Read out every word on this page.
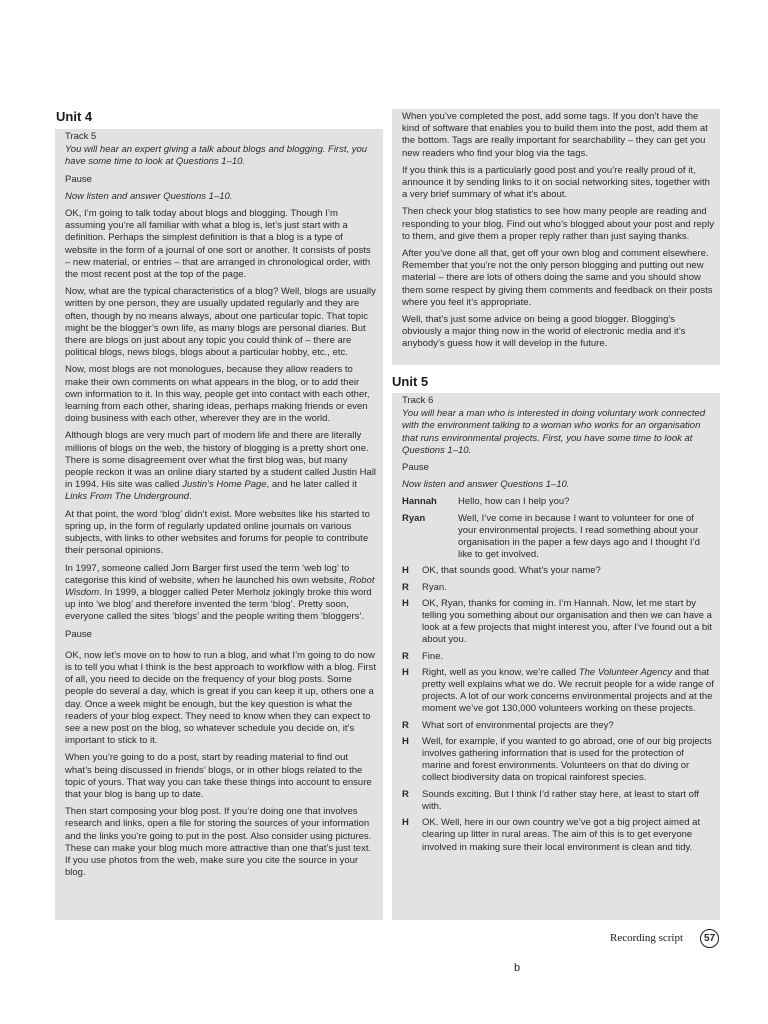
Unit 4

Track 5

You will hear an expert giving a talk about blogs and blogging. First, you have some time to look at Questions 1–10.

Pause

Now listen and answer Questions 1–10.

OK, I’m going to talk today about blogs and blogging. Though I’m assuming you’re all familiar with what a blog is, let’s just start with a definition. Perhaps the simplest definition is that a blog is a type of website in the form of a journal of one sort or another. It consists of posts – new material, or entries – that are arranged in chronological order, with the most recent post at the top of the page.

Now, what are the typical characteristics of a blog? Well, blogs are usually written by one person, they are usually updated regularly and they are often, though by no means always, about one particular topic. That topic might be the blogger’s own life, as many blogs are personal diaries. But there are blogs on just about any topic you could think of – there are political blogs, news blogs, blogs about a particular hobby, etc., etc.

Now, most blogs are not monologues, because they allow readers to make their own comments on what appears in the blog, or to add their own information to it. In this way, people get into contact with each other, learning from each other, sharing ideas, perhaps making friends or even doing business with each other, wherever they are in the world.

Although blogs are very much part of modern life and there are literally millions of blogs on the web, the history of blogging is a pretty short one. There is some disagreement over what the first blog was, but many people reckon it was an online diary started by a student called Justin Hall in 1994. His site was called Justin’s Home Page, and he later called it Links From The Underground.

At that point, the word ‘blog’ didn’t exist. More websites like his started to spring up, in the form of regularly updated online journals on various subjects, with links to other websites and forums for people to contribute their personal opinions.

In 1997, someone called Jorn Barger first used the term ‘web log’ to categorise this kind of website, when he launched his own website, Robot Wisdom. In 1999, a blogger called Peter Merholz jokingly broke this word up into ‘we blog’ and therefore invented the term ‘blog’. Pretty soon, everyone called the sites ‘blogs’ and the people writing them ‘bloggers’.

Pause

OK, now let’s move on to how to run a blog, and what I’m going to do now is to tell you what I think is the best approach to workflow with a blog. First of all, you need to decide on the frequency of your blog posts. Some people do several a day, which is great if you can keep it up, others one a day. Once a week might be enough, but the key question is what the readers of your blog expect. They need to know when they can expect to see a new post on the blog, so whatever schedule you decide on, it’s important to stick to it.

When you’re going to do a post, start by reading material to find out what’s being discussed in friends’ blogs, or in other blogs related to the topic of yours. That way you can take these things into account to ensure that your blog is bang up to date.

Then start composing your blog post. If you’re doing one that involves research and links, open a file for storing the sources of your information and the links you’re going to put in the post. Also consider using pictures. These can make your blog much more attractive than one that’s just text. If you use photos from the web, make sure you cite the source in your blog.

When you’ve completed the post, add some tags. If you don’t have the kind of software that enables you to build them into the post, add them at the bottom. Tags are really important for searchability – they can get you new readers who find your blog via the tags.

If you think this is a particularly good post and you’re really proud of it, announce it by sending links to it on social networking sites, together with a very brief summary of what it’s about.

Then check your blog statistics to see how many people are reading and responding to your blog. Find out who’s blogged about your post and reply to them, and give them a proper reply rather than just saying thanks.

After you’ve done all that, get off your own blog and comment elsewhere. Remember that you’re not the only person blogging and putting out new material – there are lots of others doing the same and you should show them some respect by giving them comments and feedback on their posts where you feel it’s appropriate.

Well, that’s just some advice on being a good blogger. Blogging’s obviously a major thing now in the world of electronic media and it’s anybody’s guess how it will develop in the future.

Unit 5

Track 6

You will hear a man who is interested in doing voluntary work connected with the environment talking to a woman who works for an organisation that runs environmental projects. First, you have some time to look at Questions 1–10.

Pause

Now listen and answer Questions 1–10.

Hannah	Hello, how can I help you?
Ryan	Well, I’ve come in because I want to volunteer for one of your environmental projects. I read something about your organisation in the paper a few days ago and I thought I’d like to get involved.
H	OK, that sounds good. What’s your name?
R	Ryan.
H	OK, Ryan, thanks for coming in. I’m Hannah. Now, let me start by telling you something about our organisation and then we can have a look at a few projects that might interest you, after I’ve found out a bit about you.
R	Fine.
H	Right, well as you know, we’re called The Volunteer Agency and that pretty well explains what we do. We recruit people for a wide range of projects. A lot of our work concerns environmental projects and at the moment we’ve got 130,000 volunteers working on these projects.
R	What sort of environmental projects are they?
H	Well, for example, if you wanted to go abroad, one of our big projects involves gathering information that is used for the protection of marine and forest environments. Volunteers on that do diving or collect biodiversity data on tropical rainforest species.
R	Sounds exciting. But I think I’d rather stay here, at least to start off with.
H	OK. Well, here in our own country we’ve got a big project aimed at clearing up litter in rural areas. The aim of this is to get everyone involved in making sure their local environment is clean and tidy.
Recording script	57
b
